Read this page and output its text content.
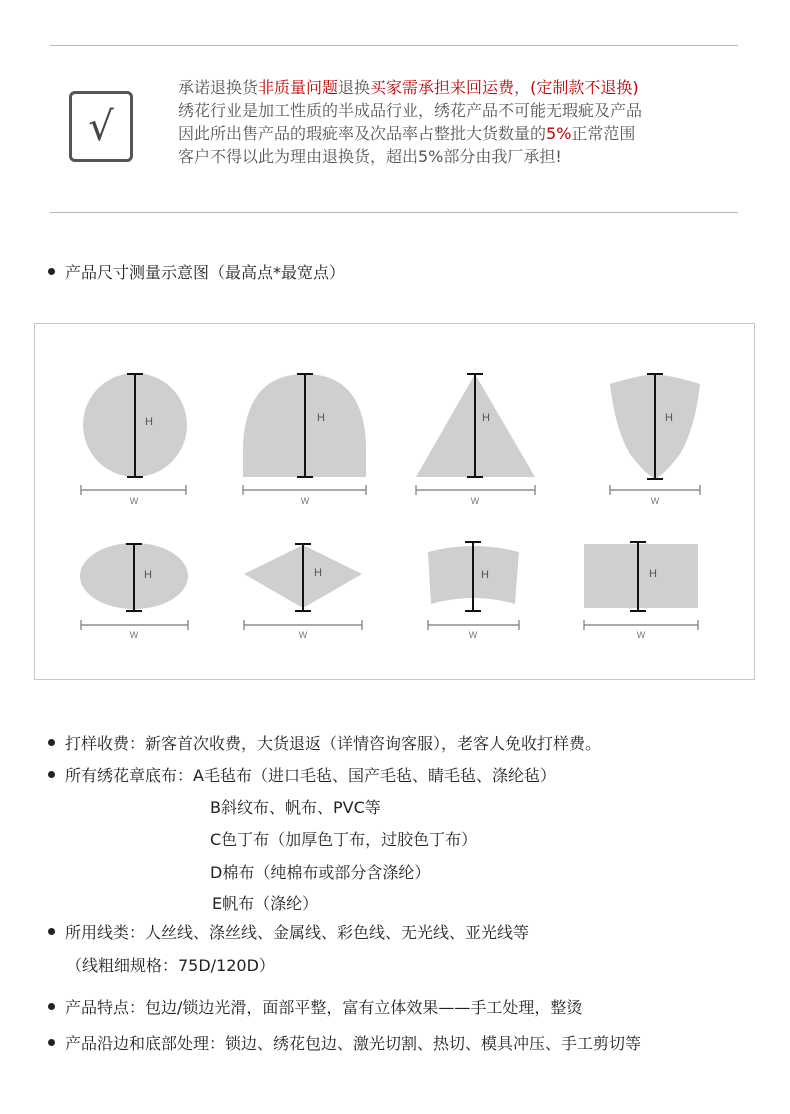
√
承诺退换货非质量问题退换买家需承担来回运费，(定制款不退换)
绣花行业是加工性质的半成品行业，绣花产品不可能无瑕疵及产品
因此所出售产品的瑕疵率及次品率占整批大货数量的5%正常范围
客户不得以此为理由退换货，超出5%部分由我厂承担!
产品尺寸测量示意图（最高点*最宽点）
H	H	H	H
H	H	H	H
W	W	W	W
W	W	W	W
打样收费：新客首次收费，大货退返（详情咨询客服），老客人免收打样费。
所有绣花章底布：A毛毡布（进口毛毡、国产毛毡、睛毛毡、涤纶毡）
B斜纹布、帆布、PVC等
C色丁布（加厚色丁布，过胶色丁布）
D棉布（纯棉布或部分含涤纶）
E帆布（涤纶）
所用线类：人丝线、涤丝线、金属线、彩色线、无光线、亚光线等
（线粗细规格：75D/120D）
产品特点：包边/锁边光滑，面部平整，富有立体效果——手工处理，整烫
产品沿边和底部处理：锁边、绣花包边、激光切割、热切、模具冲压、手工剪切等
